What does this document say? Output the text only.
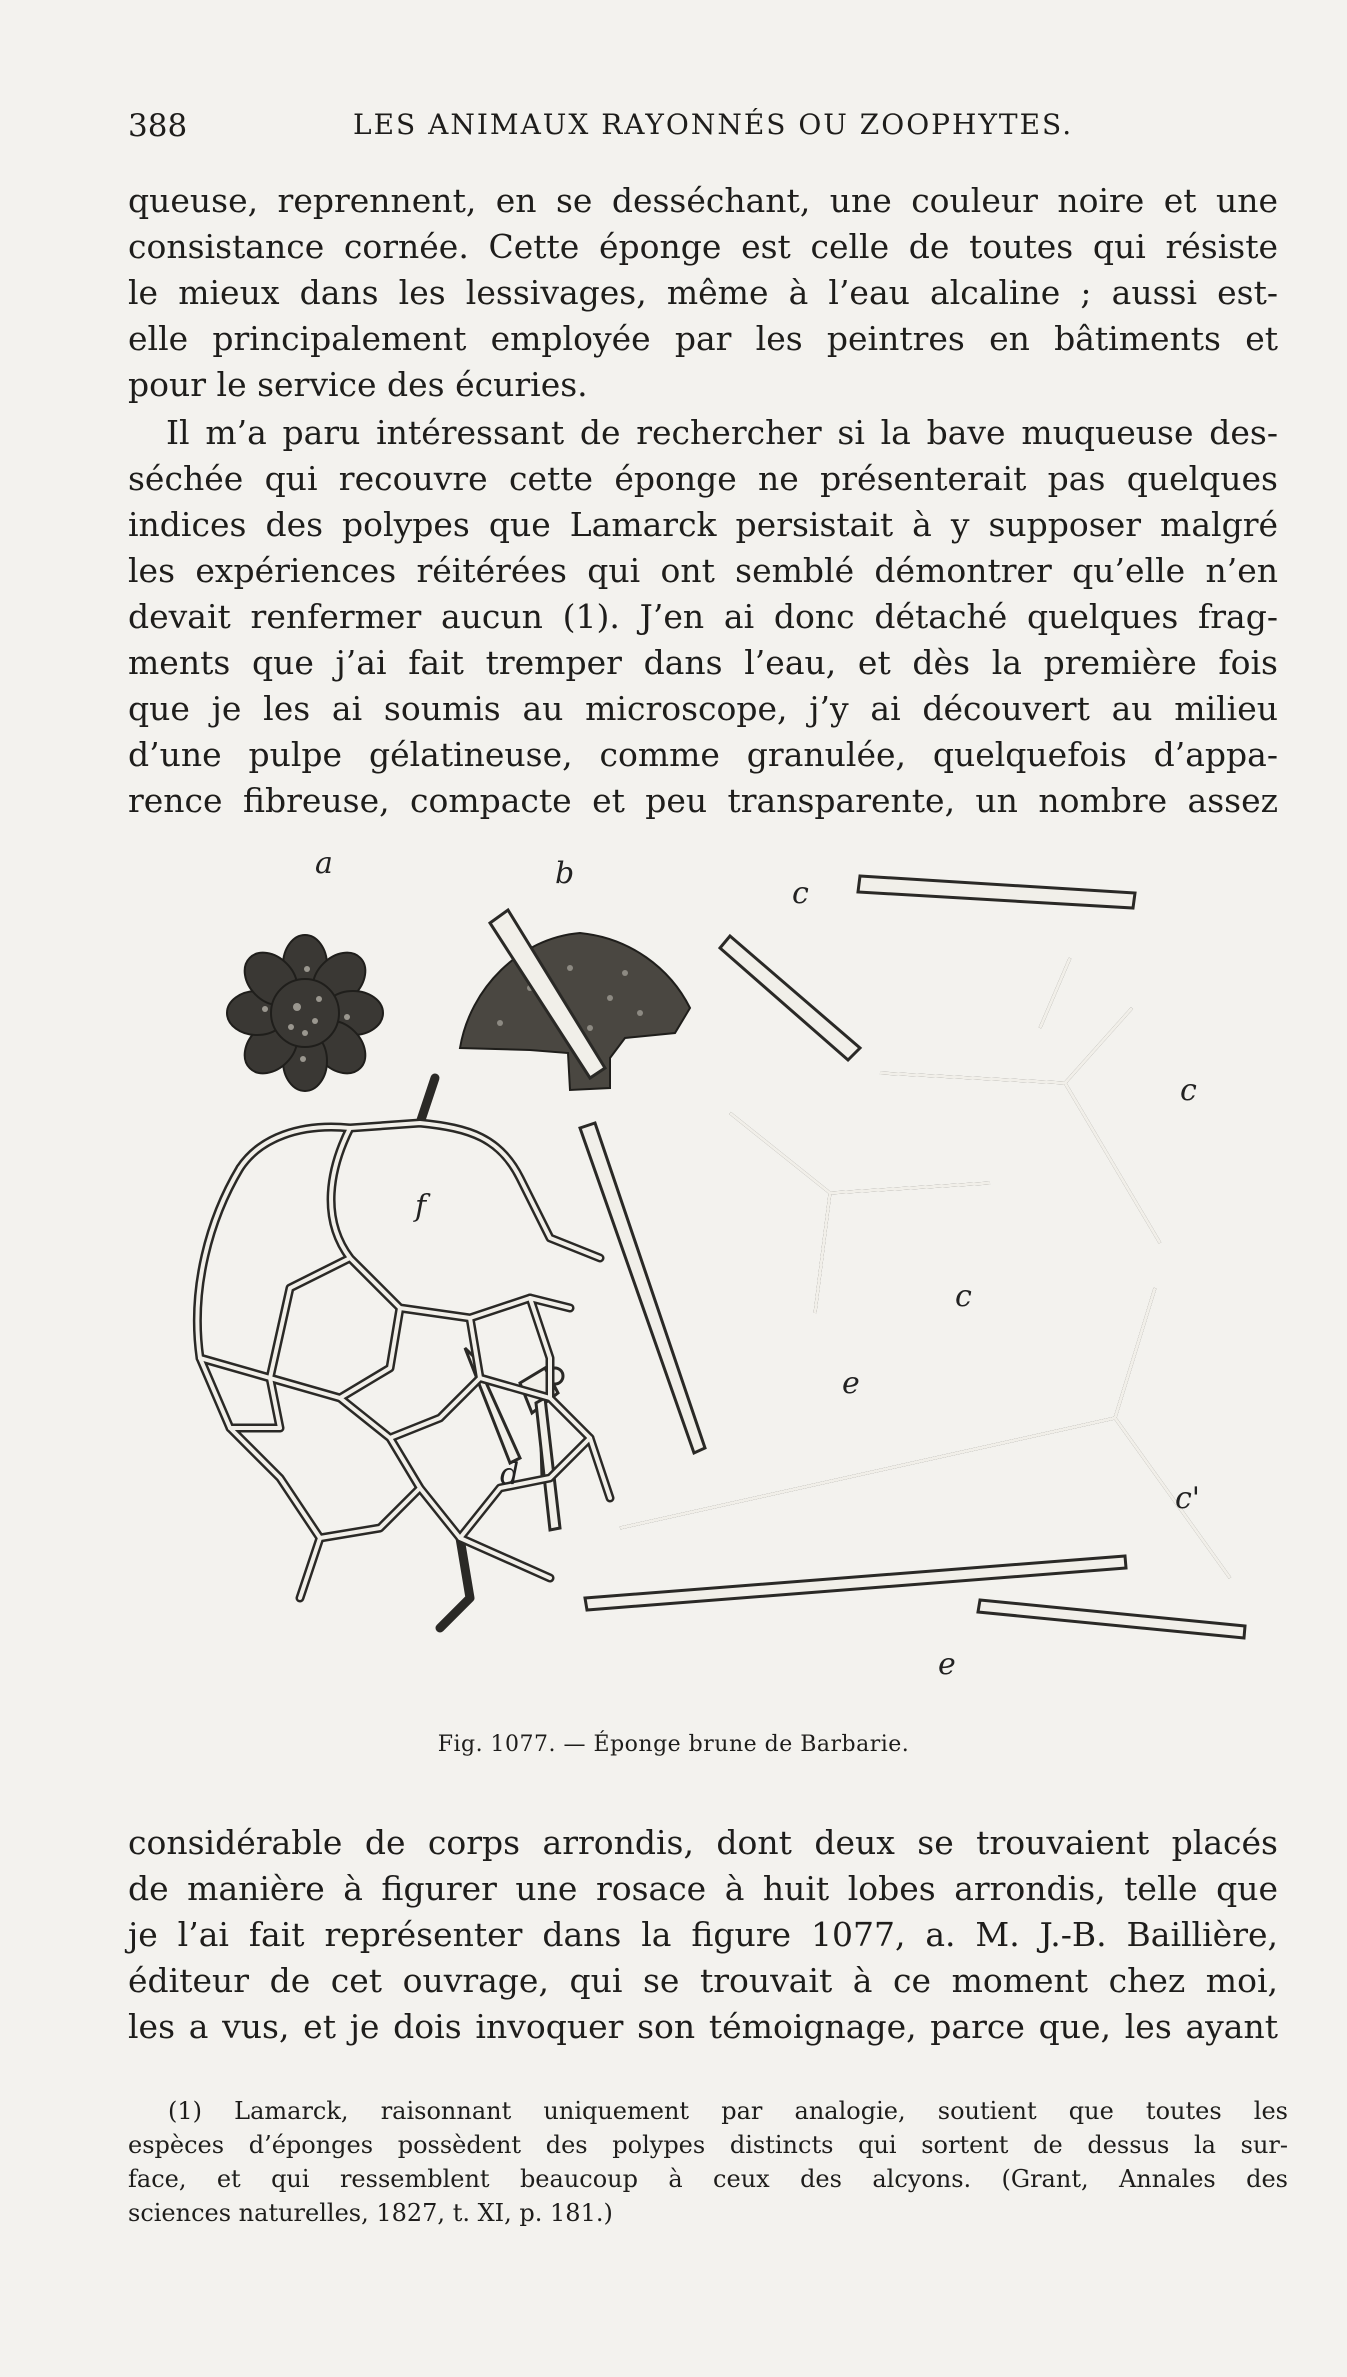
388	LES ANIMAUX RAYONNÉS OU ZOOPHYTES.
queuse, reprennent, en se desséchant, une couleur noire et une
consistance cornée. Cette éponge est celle de toutes qui résiste
le mieux dans les lessivages, même à l’eau alcaline ; aussi est-
elle principalement employée par les peintres en bâtiments et
pour le service des écuries.
Il m’a paru intéressant de rechercher si la bave muqueuse des-
séchée qui recouvre cette éponge ne présenterait pas quelques
indices des polypes que Lamarck persistait à y supposer malgré
les expériences réitérées qui ont semblé démontrer qu’elle n’en
devait renfermer aucun (1). J’en ai donc détaché quelques frag-
ments que j’ai fait tremper dans l’eau, et dès la première fois
que je les ai soumis au microscope, j’y ai découvert au milieu
d’une pulpe gélatineuse, comme granulée, quelquefois d’appa-
rence fibreuse, compacte et peu transparente, un nombre assez
a	b
c
c
c
c'
d
e
e
f
Fig. 1077. — Éponge brune de Barbarie.
considérable de corps arrondis, dont deux se trouvaient placés
de manière à figurer une rosace à huit lobes arrondis, telle que
je l’ai fait représenter dans la figure 1077, a. M. J.-B. Baillière,
éditeur de cet ouvrage, qui se trouvait à ce moment chez moi,
les a vus, et je dois invoquer son témoignage, parce que, les ayant
(1) Lamarck, raisonnant uniquement par analogie, soutient que toutes les
espèces d’éponges possèdent des polypes distincts qui sortent de dessus la sur-
face, et qui ressemblent beaucoup à ceux des alcyons. (Grant, Annales des
sciences naturelles, 1827, t. XI, p. 181.)
